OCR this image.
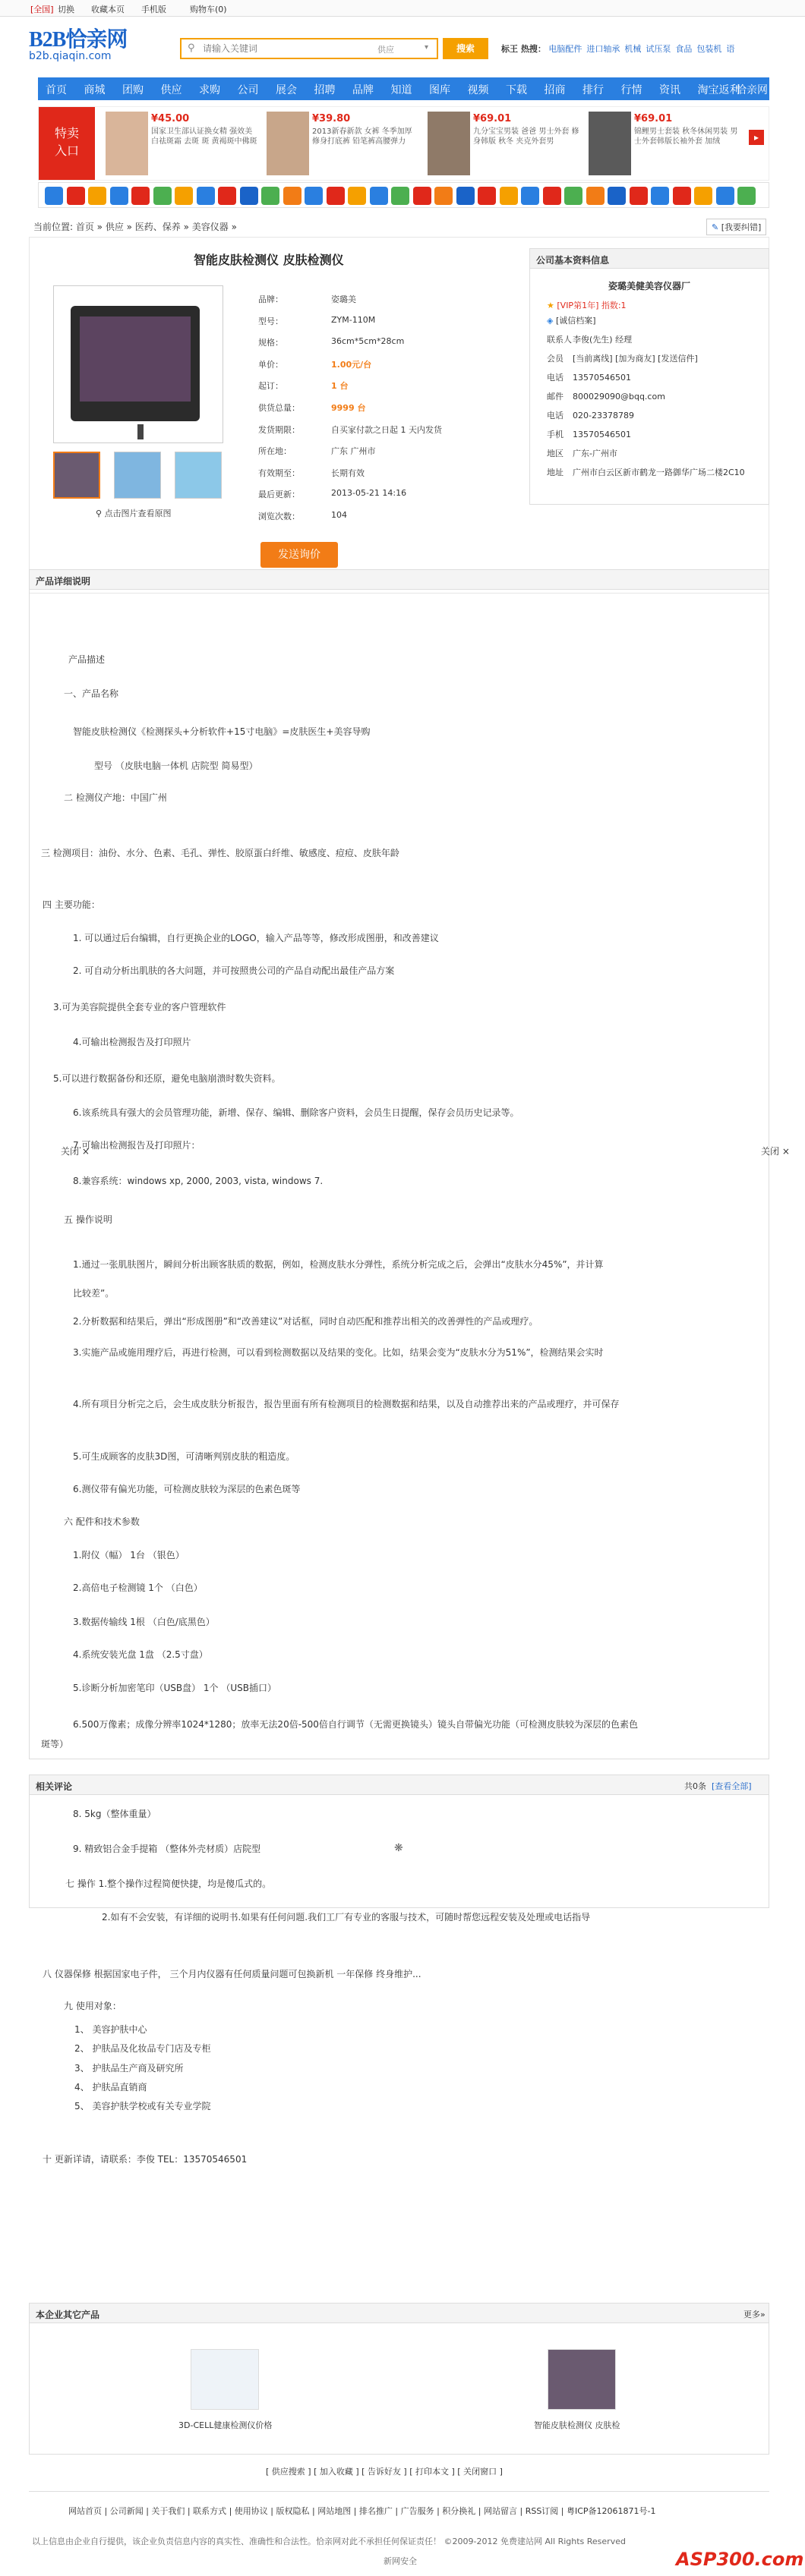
[全国] 切换 收藏本页 手机版	购物车(0)
B2B恰亲网
b2b.qiaqin.com
⚲
请输入关键词	供应	▾	搜索	标王 热搜： 电脑配件 进口轴承 机械 试压泵 食品 包装机 语
首页 商城 团购 供应 求购 公司 展会 招聘 品牌 知道 图库 视频 下载 招商 排行 行情 资讯 淘宝返利
恰亲网
特卖
入口
¥45.00
国家卫生部认证换女精 强效美白祛斑霜 去斑 斑 黄褐斑中佛斑
¥39.80
2013新春新款 女裤 冬季加厚修身打底裤 铅笔裤高腰弹力
¥69.01
九分宝宝男装 爸爸 男士外套 修身韩版 秋冬 夹克外套男
¥69.01
锦鲤男士套装 秋冬休闲男装 男士外套韩版长袖外套 加绒	▸
当前位置: 首页 » 供应 » 医药、保养 » 美容仪器 »	✎ [我要纠错]
智能皮肤检测仪 皮肤检测仪
⚲ 点击图片查看原图
品牌：	姿璐美
型号：	ZYM-110M
规格：	36cm*5cm*28cm
单价：	1.00元/台
起订：	1 台
供货总量：	9999 台
发货期限：	自买家付款之日起 1 天内发货
所在地：	广东 广州市
有效期至：	长期有效
最后更新：	2013-05-21 14:16
浏览次数：	104
发送询价
公司基本资料信息
姿璐美健美容仪器厂
★ [VIP第1年] 指数:1
◈ [诚信档案]
联系人李俊(先生) 经理
会员 [当前离线] [加为商友] [发送信件]
电话 13570546501
邮件 800029090@bqq.com
电话 020-23378789
手机 13570546501
地区 广东-广州市
地址 广州市白云区新市鹤龙一路御华广场二楼2C10
产品详细说明
产品描述
一、产品名称
智能皮肤检测仪《检测探头+分析软件+15寸电脑》=皮肤医生+美容导购
型号 （皮肤电脑一体机 店院型 简易型）
二 检测仪产地：中国广州
三 检测项目：油份、水分、色素、毛孔、弹性、胶原蛋白纤维、敏感度、痘痘、皮肤年龄
四 主要功能：
1. 可以通过后台编辑，自行更换企业的LOGO，输入产品等等，修改形成图册，和改善建议
2. 可自动分析出肌肤的各大问题，并可按照贵公司的产品自动配出最佳产品方案
3.可为美容院提供全套专业的客户管理软件
4.可输出检测报告及打印照片
5.可以进行数据备份和还原，避免电脑崩溃时数失资料。
6.该系统具有强大的会员管理功能，新增、保存、编辑、删除客户资料，会员生日提醒，保存会员历史记录等。
7.可输出检测报告及打印照片：
8.兼容系统：windows xp, 2000, 2003, vista, windows 7.
五 操作说明
1.通过一张肌肤图片，瞬间分析出顾客肤质的数据，例如，检测皮肤水分弹性，系统分析完成之后，会弹出“皮肤水分45%”，并计算
比较差”。
2.分析数据和结果后，弹出“形成图册”和“改善建议”对话框，同时自动匹配和推荐出相关的改善弹性的产品或理疗。
3.实施产品或施用理疗后，再进行检测，可以看到检测数据以及结果的变化。比如，结果会变为“皮肤水分为51%”，检测结果会实时
4.所有项目分析完之后，会生成皮肤分析报告，报告里面有所有检测项目的检测数据和结果，以及自动推荐出来的产品或理疗，并可保存
5.可生成顾客的皮肤3D图，可清晰判别皮肤的粗造度。
6.测仪带有偏光功能，可检测皮肤较为深层的色素色斑等
六 配件和技术参数
1.附仪（幅） 1台 （银色）
2.高倍电子检测镜 1个 （白色）
3.数据传输线 1根 （白色/底黑色）
4.系统安装光盘 1盘 （2.5寸盘）
5.诊断分析加密笔印（USB盘） 1个 （USB插口）
6.500万像素；成像分辨率1024*1280；放率无法20倍-500倍自行调节（无需更换镜头）镜头自带偏光功能（可检测皮肤较为深层的色素色
斑等）
8. 5kg（整体重量）
9. 精致铝合金手提箱 （整体外壳材质）店院型
七 操作 1.整个操作过程简便快捷，均是傻瓜式的。
2.如有不会安装，有详细的说明书.如果有任何问题.我们工厂有专业的客服与技术，可随时帮您远程安装及处理或电话指导
八 仪器保修 根据国家电子件， 三个月内仪器有任何质量问题可包换新机 一年保修 终身维护...
九 使用对象：
1、 美容护肤中心
2、 护肤品及化妆品专门店及专柜
3、 护肤品生产商及研究所
4、 护肤品直销商
5、 美容护肤学校或有关专业学院
十 更新详请，请联系：李俊 TEL：13570546501
关闭 ×	关闭 ×
相关评论	共0条 [查看全部]
❋
本企业其它产品	更多»
3D-CELL健康检测仪价格	智能皮肤检测仪 皮肤检
[ 供应搜索 ] [ 加入收藏 ] [ 告诉好友 ] [ 打印本文 ] [ 关闭窗口 ]
网站首页 | 公司新闻 | 关于我们 | 联系方式 | 使用协议 | 版权隐私 | 网站地图 | 排名推广 | 广告服务 | 积分换礼 | 网站留言 | RSS订阅 | 粤ICP备12061871号-1
以上信息由企业自行提供，该企业负责信息内容的真实性、准确性和合法性。恰亲网对此不承担任何保证责任！ ©2009-2012 免费建站网 All Rights Reserved
新网安全	ASP300.com
